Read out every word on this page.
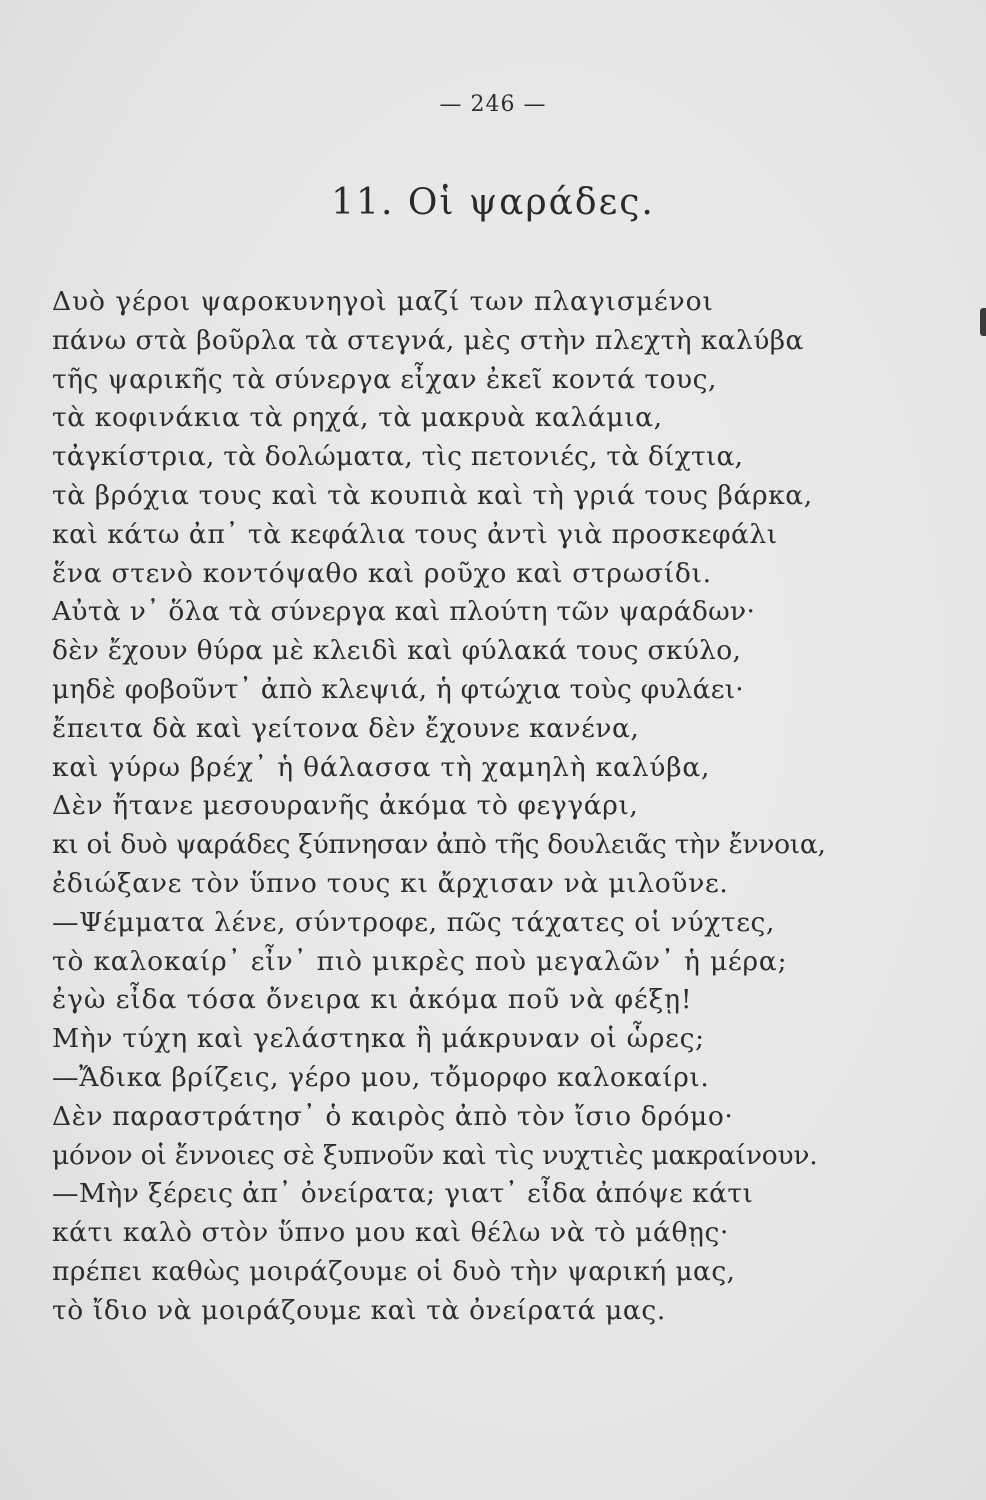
— 246 —
11. Οἱ ψαράδες.
Δυὸ γέροι ψαροκυνηγοὶ μαζί των πλαγισμένοι
πάνω στὰ βοῦρλα τὰ στεγνά, μὲς στὴν πλεχτὴ καλύβα
τῆς ψαρικῆς τὰ σύνεργα εἶχαν ἐκεῖ κοντά τους,
τὰ κοφινάκια τὰ ρηχά, τὰ μακρυὰ καλάμια,
τἀγκίστρια, τὰ δολώματα, τὶς πετονιές, τὰ δίχτια,
τὰ βρόχια τους καὶ τὰ κουπιὰ καὶ τὴ γριά τους βάρκα,
καὶ κάτω ἀπ᾽ τὰ κεφάλια τους ἀντὶ γιὰ προσκεφάλι
ἕνα στενὸ κοντόψαθο καὶ ροῦχο καὶ στρωσίδι.
Αὐτὰ ν᾽ ὅλα τὰ σύνεργα καὶ πλούτη τῶν ψαράδων·
δὲν ἔχουν θύρα μὲ κλειδὶ καὶ φύλακά τους σκύλο,
μηδὲ φοβοῦντ᾽ ἀπὸ κλεψιά, ἡ φτώχια τοὺς φυλάει·
ἔπειτα δὰ καὶ γείτονα δὲν ἔχουνε κανένα,
καὶ γύρω βρέχ᾽ ἡ θάλασσα τὴ χαμηλὴ καλύβα,
Δὲν ἤτανε μεσουρανῆς ἀκόμα τὸ φεγγάρι,
κι οἱ δυὸ ψαράδες ξύπνησαν ἀπὸ τῆς δουλειᾶς τὴν ἔννοια,
ἐδιώξανε τὸν ὕπνο τους κι ἄρχισαν νὰ μιλοῦνε.
—Ψέμματα λένε, σύντροφε, πῶς τάχατες οἱ νύχτες,
τὸ καλοκαίρ᾽ εἶν᾽ πιὸ μικρὲς ποὺ μεγαλῶν᾽ ἡ μέρα;
ἐγὼ εἶδα τόσα ὄνειρα κι ἀκόμα ποῦ νὰ φέξῃ!
Μὴν τύχη καὶ γελάστηκα ἢ μάκρυναν οἱ ὧρες;
—Ἄδικα βρίζεις, γέρο μου, τὄμορφο καλοκαίρι.
Δὲν παραστράτησ᾽ ὁ καιρὸς ἀπὸ τὸν ἴσιο δρόμο·
μόνον οἱ ἔννοιες σὲ ξυπνοῦν καὶ τὶς νυχτιὲς μακραίνουν.
—Μὴν ξέρεις ἀπ᾽ ὀνείρατα; γιατ᾽ εἶδα ἀπόψε κάτι
κάτι καλὸ στὸν ὕπνο μου καὶ θέλω νὰ τὸ μάθῃς·
πρέπει καθὼς μοιράζουμε οἱ δυὸ τὴν ψαρική μας,
τὸ ἴδιο νὰ μοιράζουμε καὶ τὰ ὀνείρατά μας.
